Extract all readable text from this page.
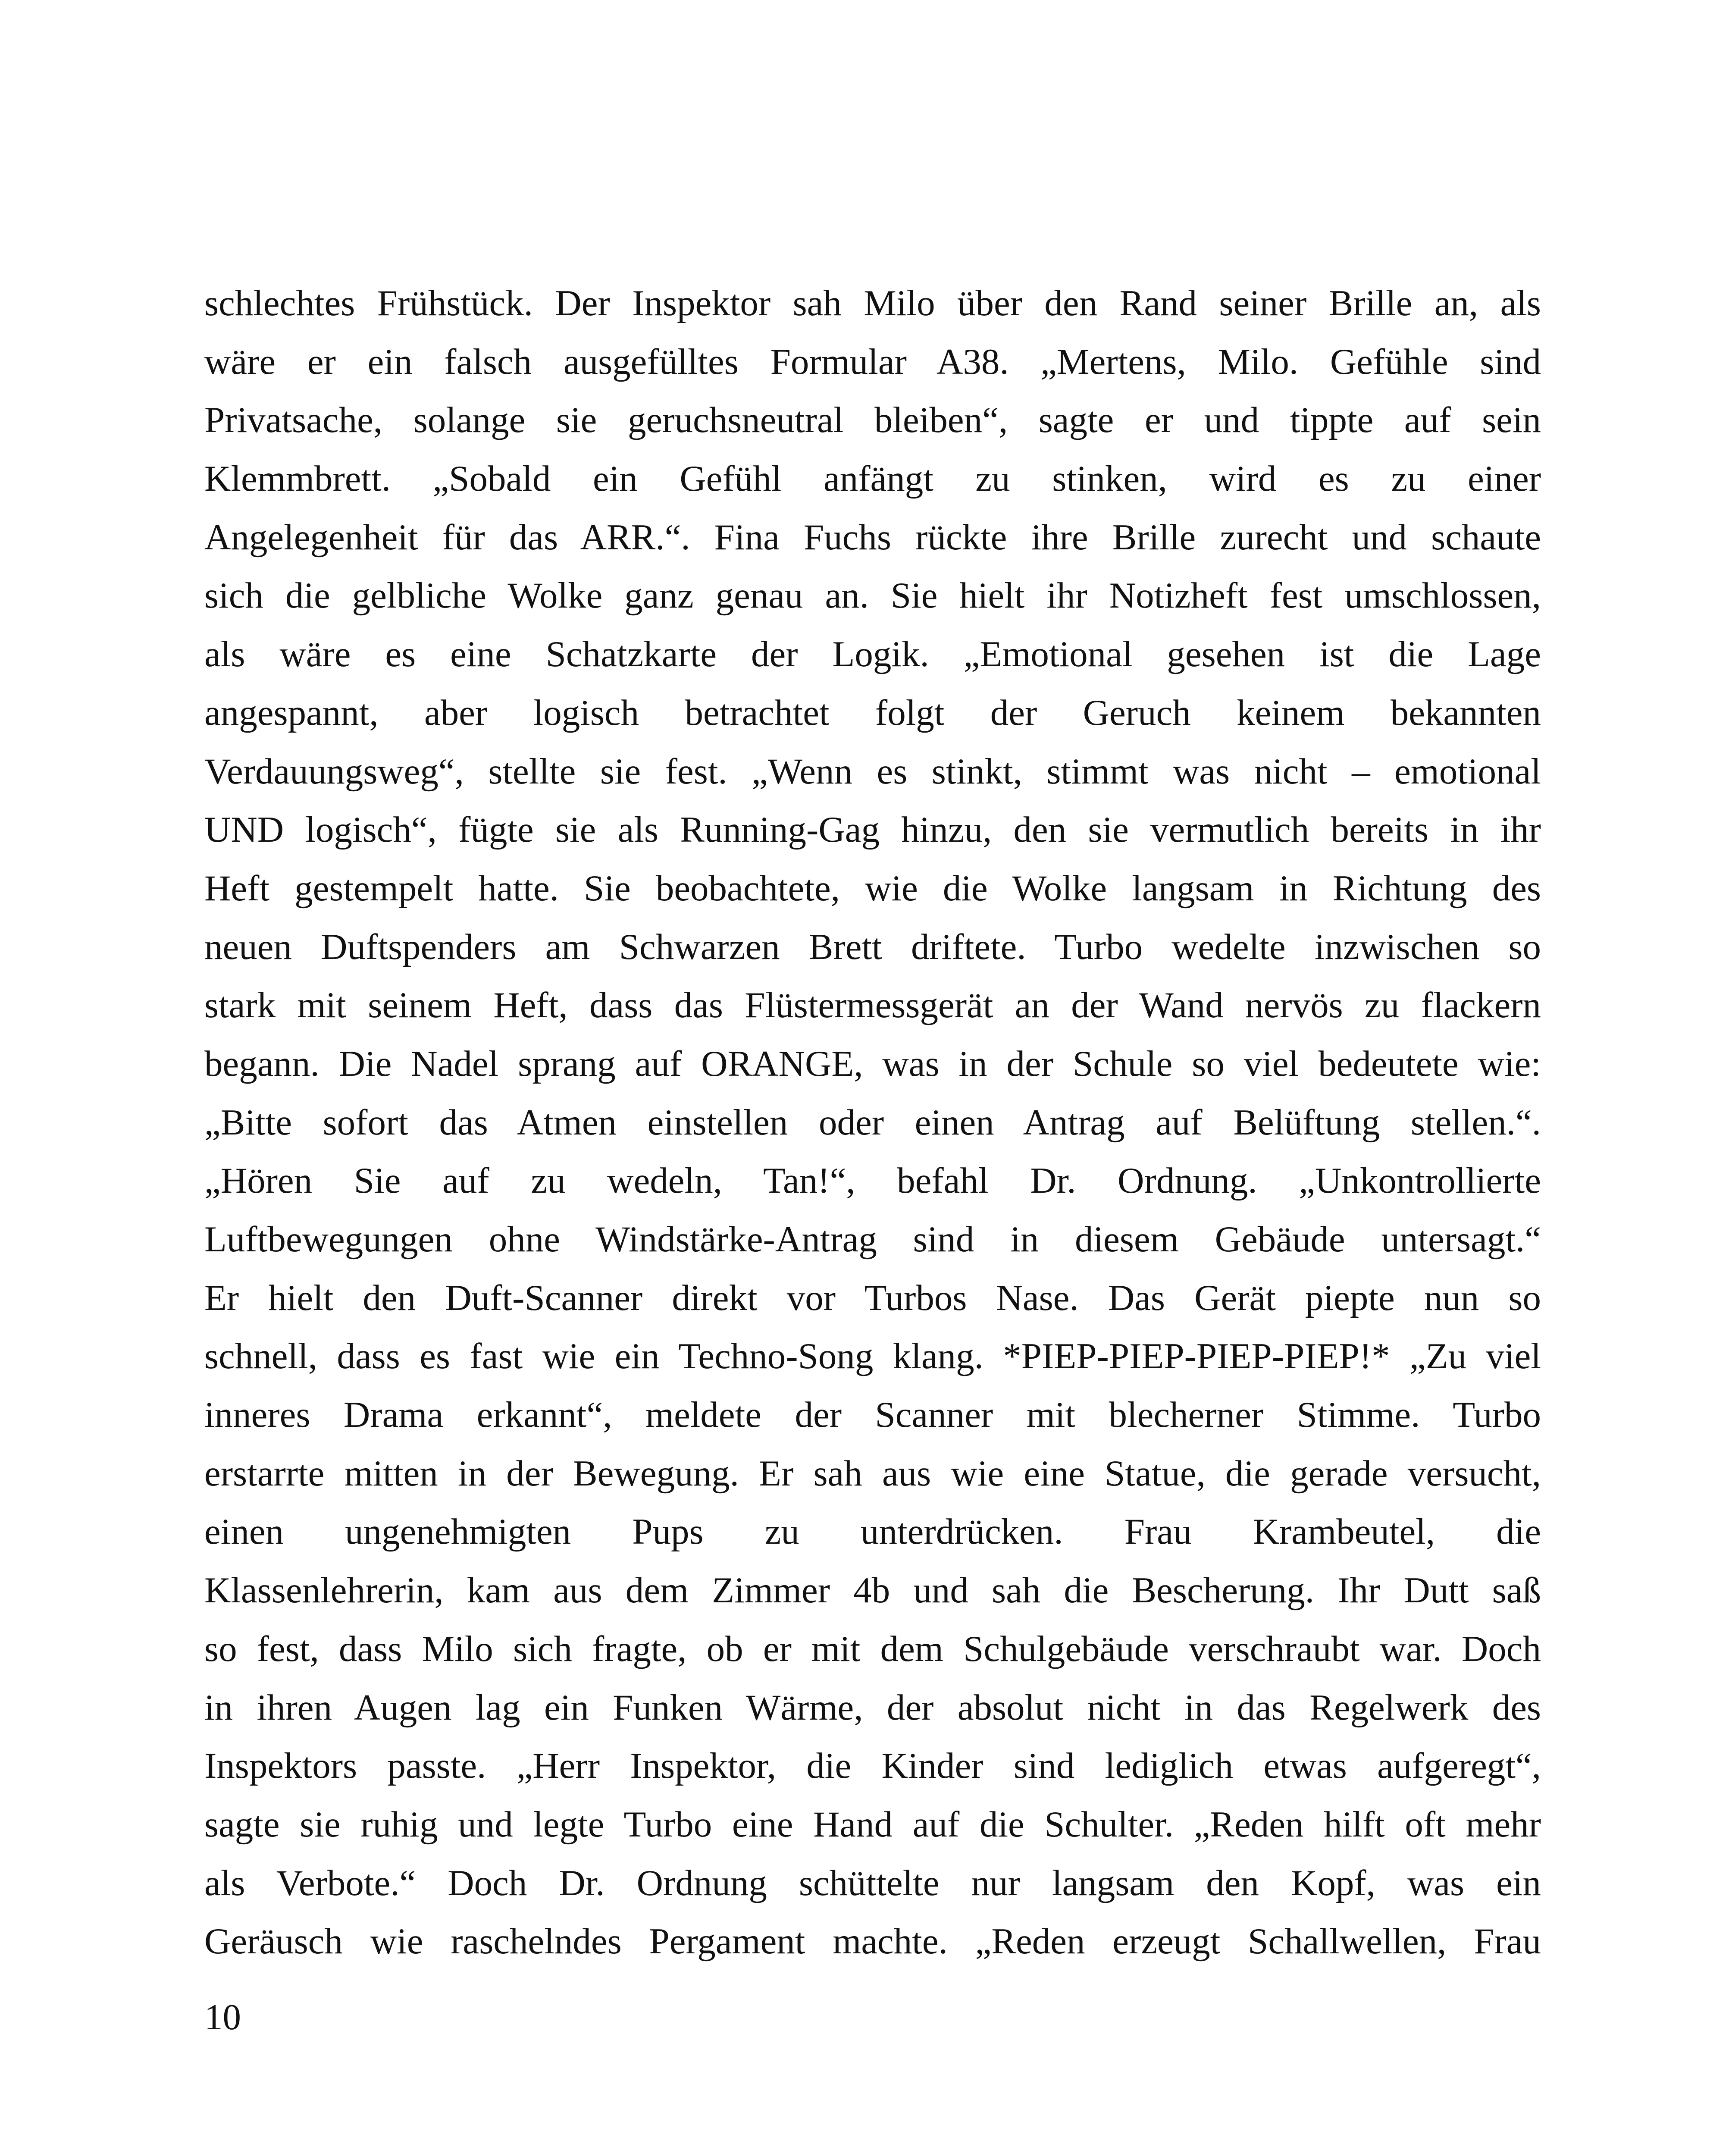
schlechtes Frühstück. Der Inspektor sah Milo über den Rand seiner Brille an, als
wäre er ein falsch ausgefülltes Formular A38. „Mertens, Milo. Gefühle sind
Privatsache, solange sie geruchsneutral bleiben“, sagte er und tippte auf sein
Klemmbrett. „Sobald ein Gefühl anfängt zu stinken, wird es zu einer
Angelegenheit für das ARR.“. Fina Fuchs rückte ihre Brille zurecht und schaute
sich die gelbliche Wolke ganz genau an. Sie hielt ihr Notizheft fest umschlossen,
als wäre es eine Schatzkarte der Logik. „Emotional gesehen ist die Lage
angespannt, aber logisch betrachtet folgt der Geruch keinem bekannten
Verdauungsweg“, stellte sie fest. „Wenn es stinkt, stimmt was nicht – emotional
UND logisch“, fügte sie als Running-Gag hinzu, den sie vermutlich bereits in ihr
Heft gestempelt hatte. Sie beobachtete, wie die Wolke langsam in Richtung des
neuen Duftspenders am Schwarzen Brett driftete. Turbo wedelte inzwischen so
stark mit seinem Heft, dass das Flüstermessgerät an der Wand nervös zu flackern
begann. Die Nadel sprang auf ORANGE, was in der Schule so viel bedeutete wie:
„Bitte sofort das Atmen einstellen oder einen Antrag auf Belüftung stellen.“.
„Hören Sie auf zu wedeln, Tan!“, befahl Dr. Ordnung. „Unkontrollierte
Luftbewegungen ohne Windstärke-Antrag sind in diesem Gebäude untersagt.“
Er hielt den Duft-Scanner direkt vor Turbos Nase. Das Gerät piepte nun so
schnell, dass es fast wie ein Techno-Song klang. *PIEP-PIEP-PIEP-PIEP!* „Zu viel
inneres Drama erkannt“, meldete der Scanner mit blecherner Stimme. Turbo
erstarrte mitten in der Bewegung. Er sah aus wie eine Statue, die gerade versucht,
einen ungenehmigten Pups zu unterdrücken. Frau Krambeutel, die
Klassenlehrerin, kam aus dem Zimmer 4b und sah die Bescherung. Ihr Dutt saß
so fest, dass Milo sich fragte, ob er mit dem Schulgebäude verschraubt war. Doch
in ihren Augen lag ein Funken Wärme, der absolut nicht in das Regelwerk des
Inspektors passte. „Herr Inspektor, die Kinder sind lediglich etwas aufgeregt“,
sagte sie ruhig und legte Turbo eine Hand auf die Schulter. „Reden hilft oft mehr
als Verbote.“ Doch Dr. Ordnung schüttelte nur langsam den Kopf, was ein
Geräusch wie raschelndes Pergament machte. „Reden erzeugt Schallwellen, Frau
10
